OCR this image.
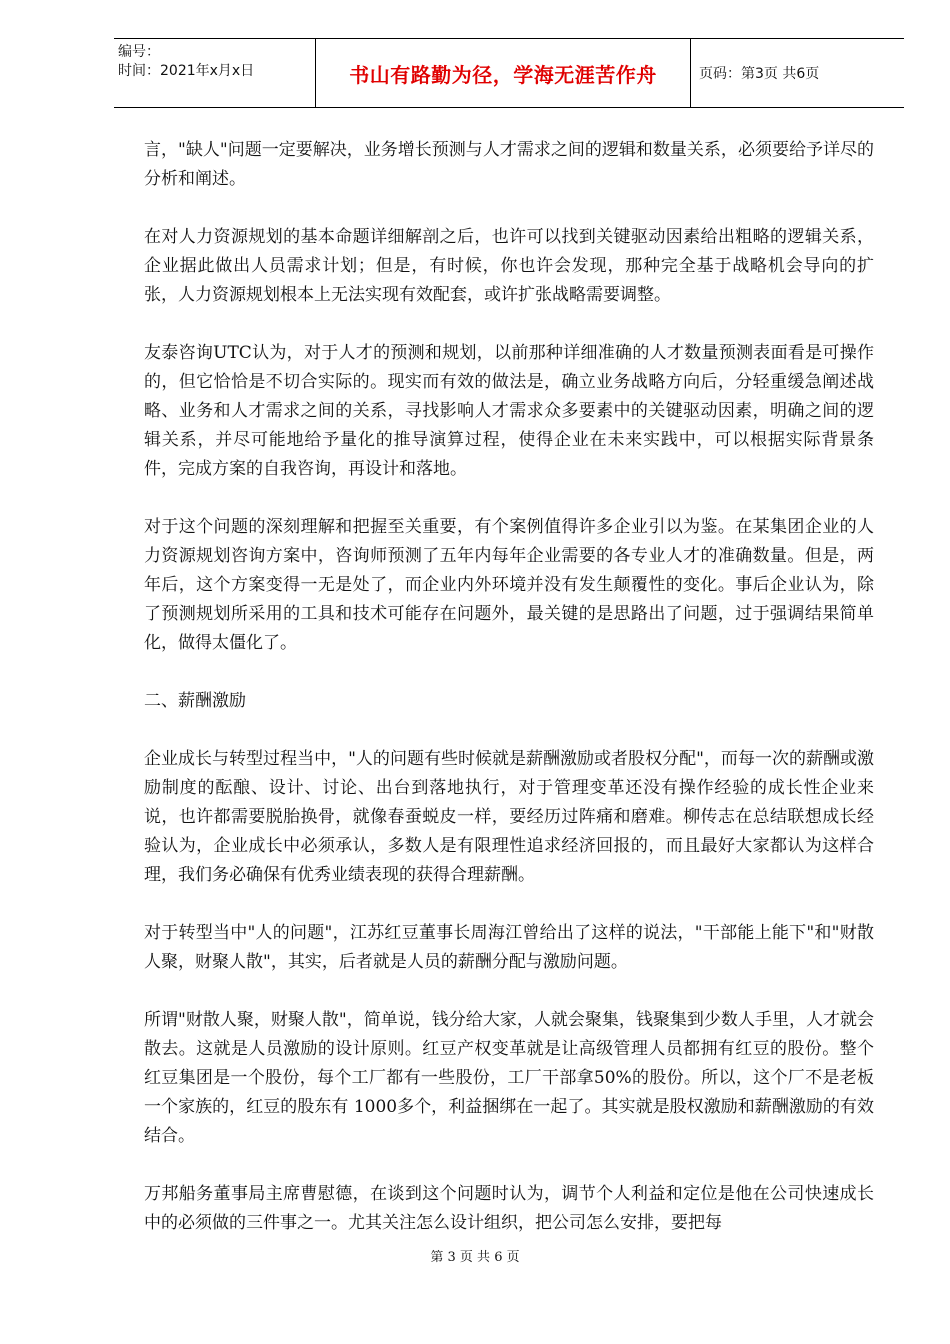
编号：
时间：2021年x月x日	书山有路勤为径，学海无涯苦作舟	页码：第3页 共6页

言，"缺人"问题一定要解决，业务增长预测与人才需求之间的逻辑和数量关系，必须要给予详尽的分析和阐述。

在对人力资源规划的基本命题详细解剖之后，也许可以找到关键驱动因素给出粗略的逻辑关系，企业据此做出人员需求计划；但是，有时候，你也许会发现，那种完全基于战略机会导向的扩张，人力资源规划根本上无法实现有效配套，或许扩张战略需要调整。

友泰咨询UTC认为，对于人才的预测和规划，以前那种详细准确的人才数量预测表面看是可操作的，但它恰恰是不切合实际的。现实而有效的做法是，确立业务战略方向后，分轻重缓急阐述战略、业务和人才需求之间的关系，寻找影响人才需求众多要素中的关键驱动因素，明确之间的逻辑关系，并尽可能地给予量化的推导演算过程，使得企业在未来实践中，可以根据实际背景条件，完成方案的自我咨询，再设计和落地。

对于这个问题的深刻理解和把握至关重要，有个案例值得许多企业引以为鉴。在某集团企业的人力资源规划咨询方案中，咨询师预测了五年内每年企业需要的各专业人才的准确数量。但是，两年后，这个方案变得一无是处了，而企业内外环境并没有发生颠覆性的变化。事后企业认为，除了预测规划所采用的工具和技术可能存在问题外，最关键的是思路出了问题，过于强调结果简单化，做得太僵化了。

二、薪酬激励

企业成长与转型过程当中，"人的问题有些时候就是薪酬激励或者股权分配"，而每一次的薪酬或激励制度的酝酿、设计、讨论、出台到落地执行，对于管理变革还没有操作经验的成长性企业来说，也许都需要脱胎换骨，就像春蚕蜕皮一样，要经历过阵痛和磨难。柳传志在总结联想成长经验认为，企业成长中必须承认，多数人是有限理性追求经济回报的，而且最好大家都认为这样合理，我们务必确保有优秀业绩表现的获得合理薪酬。

对于转型当中"人的问题"，江苏红豆董事长周海江曾给出了这样的说法，"干部能上能下"和"财散人聚，财聚人散"，其实，后者就是人员的薪酬分配与激励问题。

所谓"财散人聚，财聚人散"，简单说，钱分给大家，人就会聚集，钱聚集到少数人手里，人才就会散去。这就是人员激励的设计原则。红豆产权变革就是让高级管理人员都拥有红豆的股份。整个红豆集团是一个股份，每个工厂都有一些股份，工厂干部拿50%的股份。所以，这个厂不是老板一个家族的，红豆的股东有 1000多个，利益捆绑在一起了。其实就是股权激励和薪酬激励的有效结合。

万邦船务董事局主席曹慰德，在谈到这个问题时认为，调节个人利益和定位是他在公司快速成长中的必须做的三件事之一。尤其关注怎么设计组织，把公司怎么安排，要把每

第 3 页 共 6 页
